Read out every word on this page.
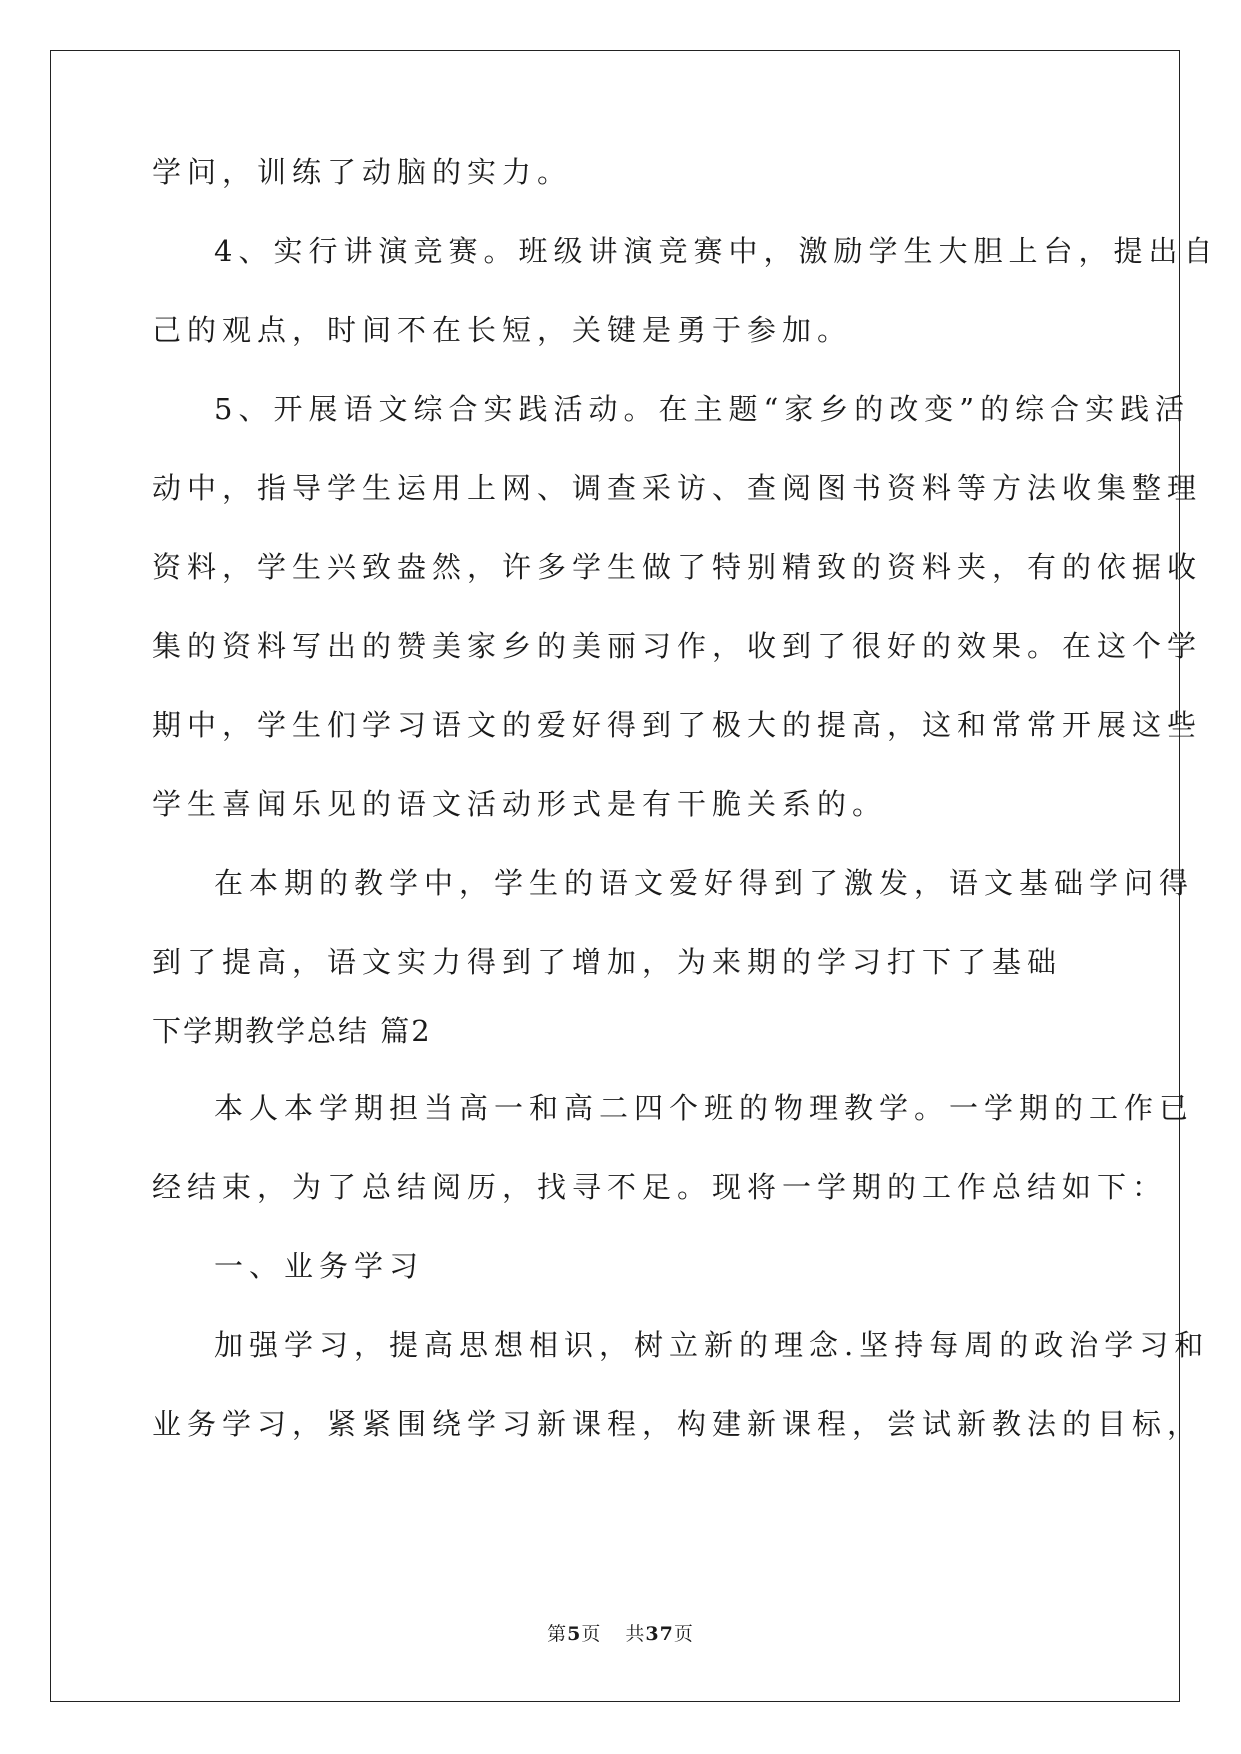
学问，训练了动脑的实力。
4、实行讲演竞赛。班级讲演竞赛中，激励学生大胆上台，提出自
己的观点，时间不在长短，关键是勇于参加。
5、开展语文综合实践活动。在主题“家乡的改变”的综合实践活
动中，指导学生运用上网、调查采访、查阅图书资料等方法收集整理
资料，学生兴致盎然，许多学生做了特别精致的资料夹，有的依据收
集的资料写出的赞美家乡的美丽习作，收到了很好的效果。在这个学
期中，学生们学习语文的爱好得到了极大的提高，这和常常开展这些
学生喜闻乐见的语文活动形式是有干脆关系的。
在本期的教学中，学生的语文爱好得到了激发，语文基础学问得
到了提高，语文实力得到了增加，为来期的学习打下了基础
下学期教学总结 篇2
本人本学期担当高一和高二四个班的物理教学。一学期的工作已
经结束，为了总结阅历，找寻不足。现将一学期的工作总结如下：
一、业务学习
加强学习，提高思想相识，树立新的理念.坚持每周的政治学习和
业务学习，紧紧围绕学习新课程，构建新课程，尝试新教法的目标，
第5页 共37页
